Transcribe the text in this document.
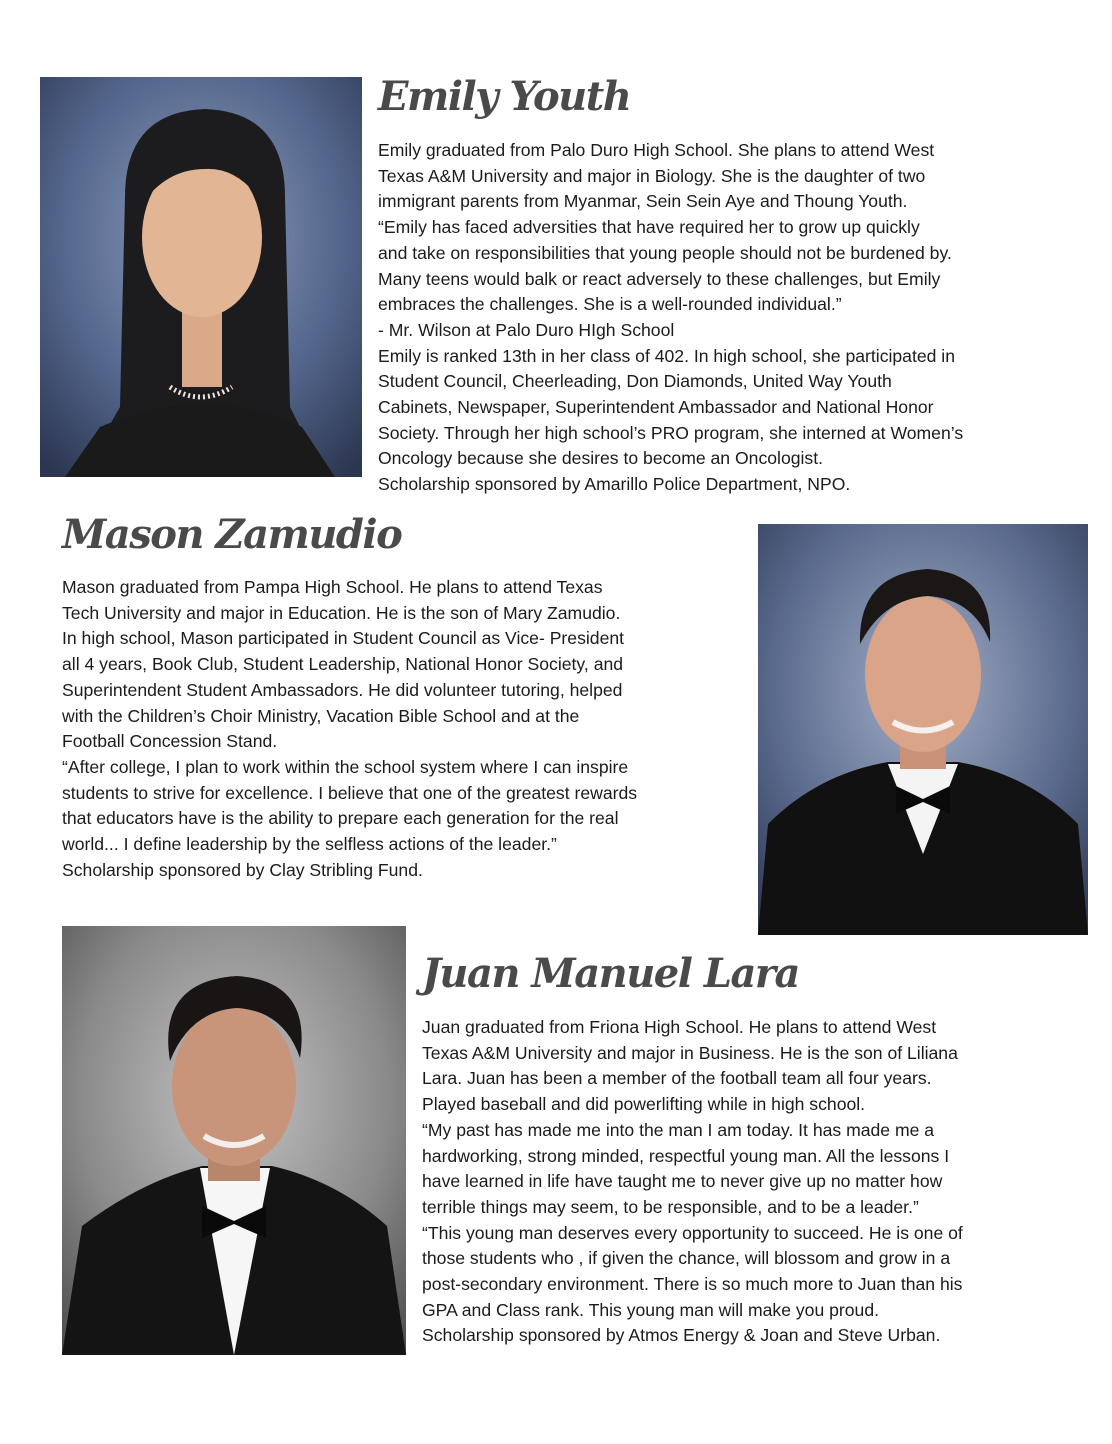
Emily Youth

Emily graduated from Palo Duro High School. She plans to attend West

Texas A&M University and major in Biology. She is the daughter of two

immigrant parents from Myanmar, Sein Sein Aye and Thoung Youth.

“Emily has faced adversities that have required her to grow up quickly

and take on responsibilities that young people should not be burdened by.

Many teens would balk or react adversely to these challenges, but Emily

embraces the challenges. She is a well-rounded individual.”

- Mr. Wilson at Palo Duro HIgh School

Emily is ranked 13th in her class of 402. In high school, she participated in

Student Council, Cheerleading, Don Diamonds, United Way Youth

Cabinets, Newspaper, Superintendent Ambassador and National Honor

Society. Through her high school’s PRO program, she interned at Women’s

Oncology because she desires to become an Oncologist.

Scholarship sponsored by Amarillo Police Department, NPO.

Mason Zamudio

Mason graduated from Pampa High School. He plans to attend Texas

Tech University and major in Education. He is the son of Mary Zamudio.

In high school, Mason participated in Student Council as Vice- President

all 4 years, Book Club, Student Leadership, National Honor Society, and

Superintendent Student Ambassadors. He did volunteer tutoring, helped

with the Children’s Choir Ministry, Vacation Bible School and at the

Football Concession Stand.

“After college, I plan to work within the school system where I can inspire

students to strive for excellence. I believe that one of the greatest rewards

that educators have is the ability to prepare each generation for the real

world... I define leadership by the selfless actions of the leader.”

Scholarship sponsored by Clay Stribling Fund.

Juan Manuel Lara

Juan graduated from Friona High School. He plans to attend West

Texas A&M University and major in Business. He is the son of Liliana

Lara. Juan has been a member of the football team all four years.

Played baseball and did powerlifting while in high school.

“My past has made me into the man I am today. It has made me a

hardworking, strong minded, respectful young man. All the lessons I

have learned in life have taught me to never give up no matter how

terrible things may seem, to be responsible, and to be a leader.”

“This young man deserves every opportunity to succeed. He is one of

those students who , if given the chance, will blossom and grow in a

post-secondary environment. There is so much more to Juan than his

GPA and Class rank. This young man will make you proud.

Scholarship sponsored by Atmos Energy & Joan and Steve Urban.
